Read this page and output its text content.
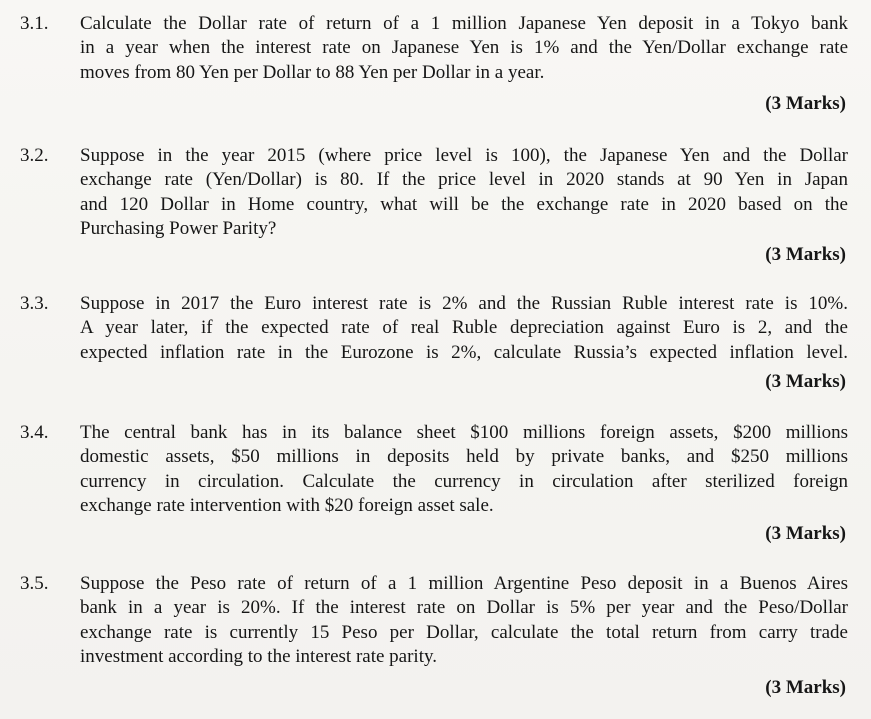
3.1. Calculate the Dollar rate of return of a 1 million Japanese Yen deposit in a Tokyo bank
in a year when the interest rate on Japanese Yen is 1% and the Yen/Dollar exchange rate
moves from 80 Yen per Dollar to 88 Yen per Dollar in a year.
(3 Marks)
3.2. Suppose in the year 2015 (where price level is 100), the Japanese Yen and the Dollar
exchange rate (Yen/Dollar) is 80. If the price level in 2020 stands at 90 Yen in Japan
and 120 Dollar in Home country, what will be the exchange rate in 2020 based on the
Purchasing Power Parity?
(3 Marks)
3.3. Suppose in 2017 the Euro interest rate is 2% and the Russian Ruble interest rate is 10%.
A year later, if the expected rate of real Ruble depreciation against Euro is 2, and the
expected inflation rate in the Eurozone is 2%, calculate Russia’s expected inflation level.
(3 Marks)
3.4. The central bank has in its balance sheet $100 millions foreign assets, $200 millions
domestic assets, $50 millions in deposits held by private banks, and $250 millions
currency in circulation. Calculate the currency in circulation after sterilized foreign
exchange rate intervention with $20 foreign asset sale.
(3 Marks)
3.5. Suppose the Peso rate of return of a 1 million Argentine Peso deposit in a Buenos Aires
bank in a year is 20%. If the interest rate on Dollar is 5% per year and the Peso/Dollar
exchange rate is currently 15 Peso per Dollar, calculate the total return from carry trade
investment according to the interest rate parity.
(3 Marks)
